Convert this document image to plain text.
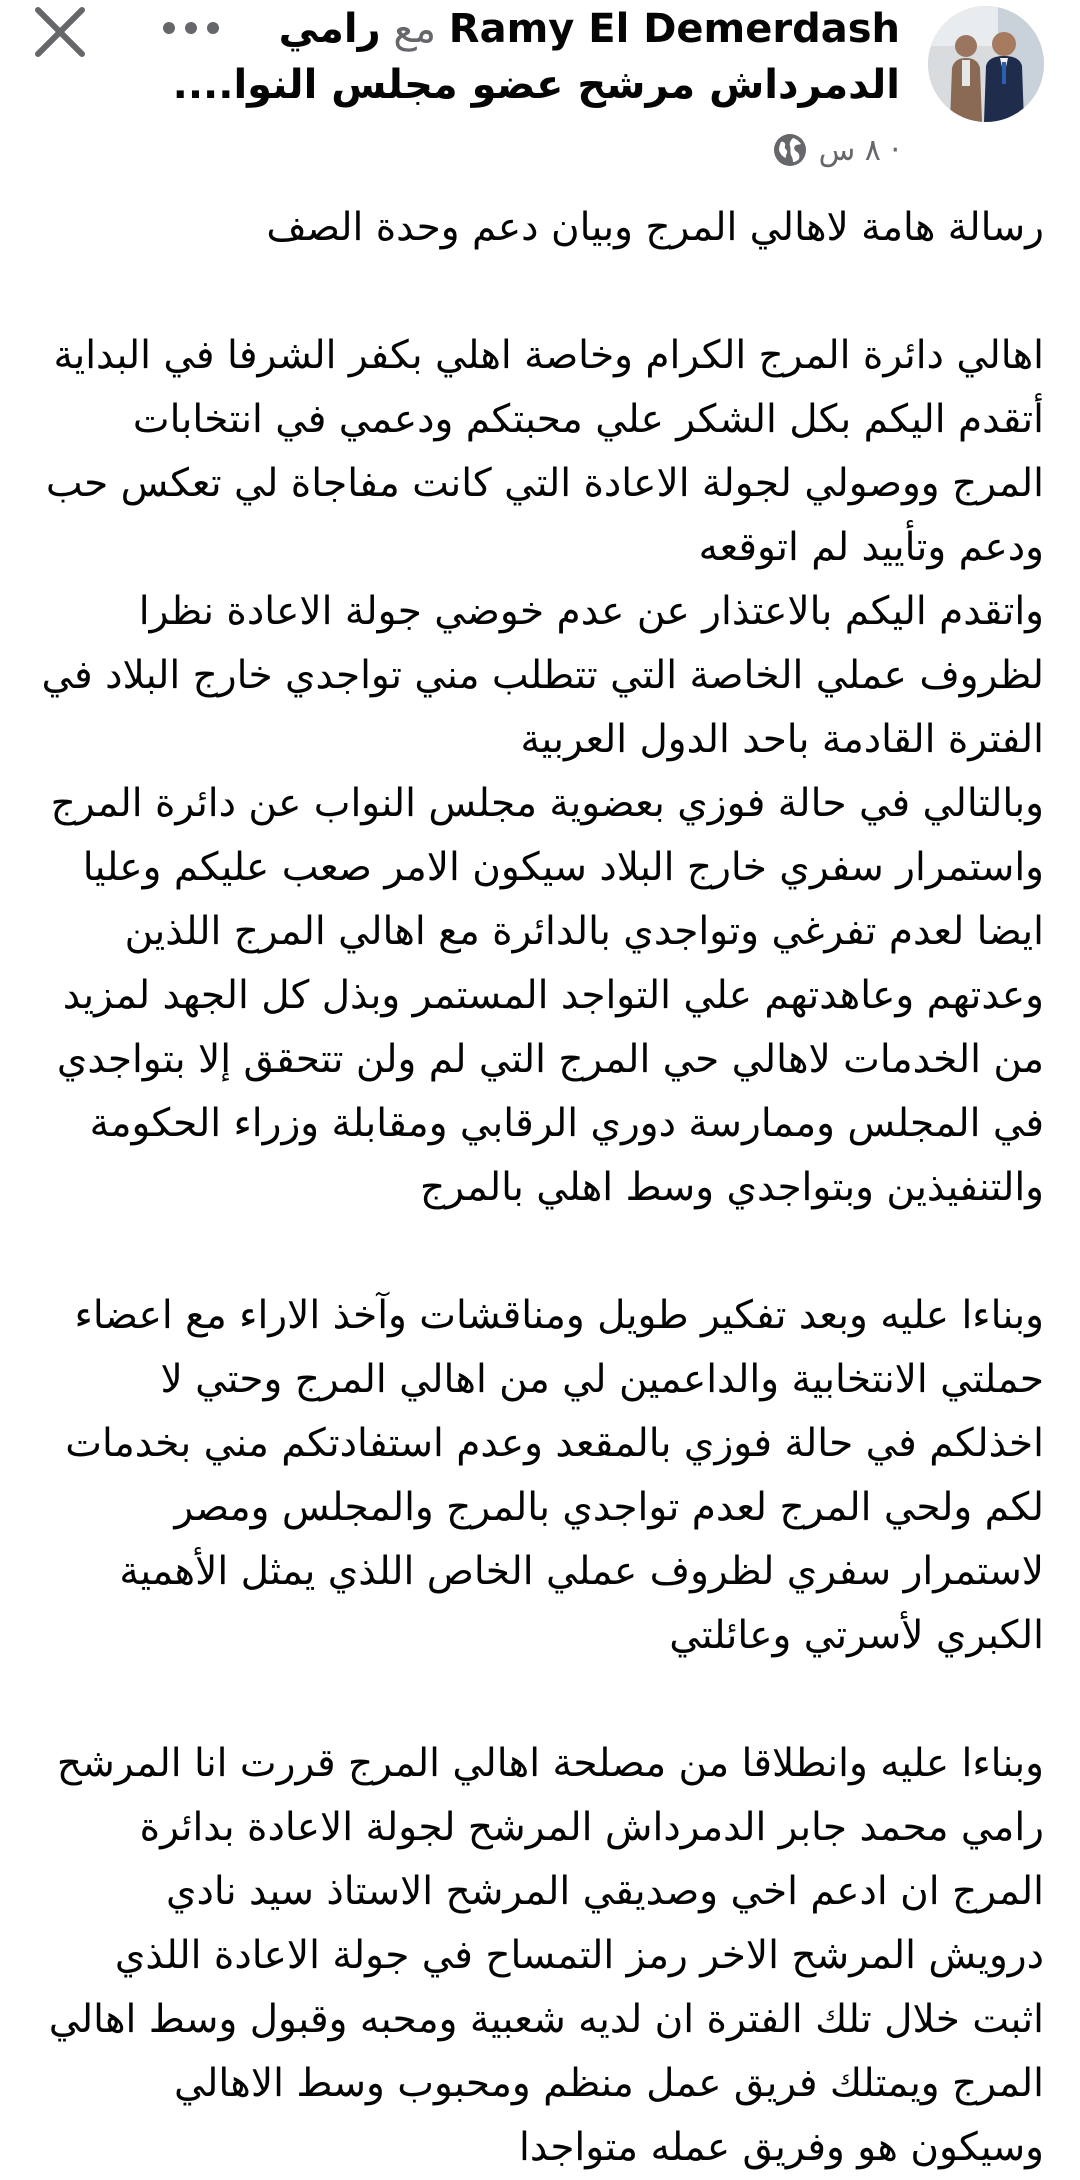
Ramy El Demerdash مع رامي
الدمرداش مرشح عضو مجلس النوا....
٨ س ·

رسالة هامة لاهالي المرج وبيان دعم وحدة الصف

اهالي دائرة المرج الكرام وخاصة اهلي بكفر الشرفا في البداية أتقدم اليكم بكل الشكر علي محبتكم ودعمي في انتخابات المرج ووصولي لجولة الاعادة التي كانت مفاجاة لي تعكس حب ودعم وتأييد لم اتوقعه
واتقدم اليكم بالاعتذار عن عدم خوضي جولة الاعادة نظرا لظروف عملي الخاصة التي تتطلب مني تواجدي خارج البلاد في الفترة القادمة باحد الدول العربية
وبالتالي في حالة فوزي بعضوية مجلس النواب عن دائرة المرج واستمرار سفري خارج البلاد سيكون الامر صعب عليكم وعليا ايضا لعدم تفرغي وتواجدي بالدائرة مع اهالي المرج اللذين وعدتهم وعاهدتهم علي التواجد المستمر وبذل كل الجهد لمزيد من الخدمات لاهالي حي المرج التي لم ولن تتحقق إلا بتواجدي في المجلس وممارسة دوري الرقابي ومقابلة وزراء الحكومة والتنفيذين وبتواجدي وسط اهلي بالمرج

وبناءا عليه وبعد تفكير طويل ومناقشات وآخذ الاراء مع اعضاء حملتي الانتخابية والداعمين لي من اهالي المرج وحتي لا اخذلكم في حالة فوزي بالمقعد وعدم استفادتكم مني بخدمات لكم ولحي المرج لعدم تواجدي بالمرج والمجلس ومصر لاستمرار سفري لظروف عملي الخاص اللذي يمثل الأهمية الكبري لأسرتي وعائلتي

وبناءا عليه وانطلاقا من مصلحة اهالي المرج قررت انا المرشح رامي محمد جابر الدمرداش المرشح لجولة الاعادة بدائرة المرج ان ادعم اخي وصديقي المرشح الاستاذ سيد نادي درويش المرشح الاخر رمز التمساح في جولة الاعادة اللذي اثبت خلال تلك الفترة ان لديه شعبية ومحبه وقبول وسط اهالي المرج ويمتلك فريق عمل منظم ومحبوب وسط الاهالي وسيكون هو وفريق عمله متواجدا
